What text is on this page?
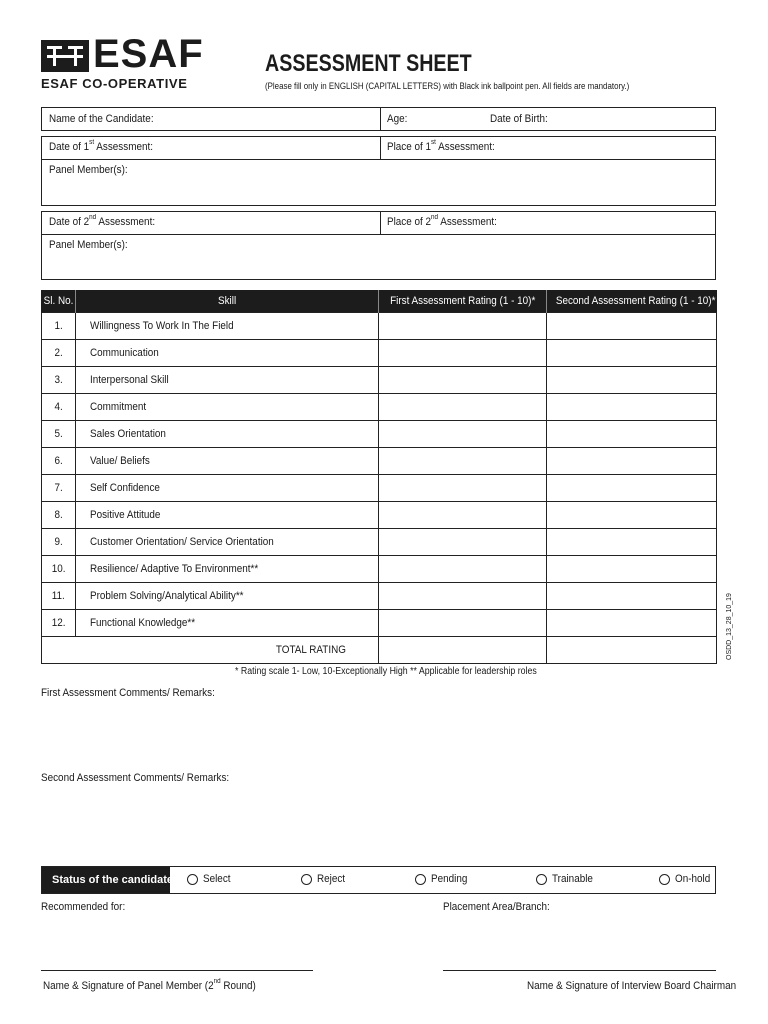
ESAF
ESAF CO-OPERATIVE
ASSESSMENT SHEET
(Please fill only in ENGLISH (CAPITAL LETTERS) with Black ink ballpoint pen. All fields are mandatory.)
Name of the Candidate:	Age:	Date of Birth:
Date of 1st Assessment:	Place of 1st Assessment:
Panel Member(s):
Date of 2nd Assessment:	Place of 2nd Assessment:
Panel Member(s):
Sl. No.	Skill	First Assessment Rating (1 - 10)*	Second Assessment Rating (1 - 10)*
1.	Willingness To Work In The Field		
2.	Communication		
3.	Interpersonal Skill		
4.	Commitment		
5.	Sales Orientation		
6.	Value/ Beliefs		
7.	Self Confidence		
8.	Positive Attitude		
9.	Customer Orientation/ Service Orientation		
10.	Resilience/ Adaptive To Environment**		
11.	Problem Solving/Analytical Ability**		
12.	Functional Knowledge**		
TOTAL RATING				OSDD_13_28_10_19
* Rating scale 1- Low, 10-Exceptionally High ** Applicable for leadership roles
First Assessment Comments/ Remarks:
Second Assessment Comments/ Remarks:
Status of the candidate	Select	Reject	Pending	Trainable	On-hold
Recommended for:	Placement Area/Branch:
Name & Signature of Panel Member (2nd Round)	Name & Signature of Interview Board Chairman
